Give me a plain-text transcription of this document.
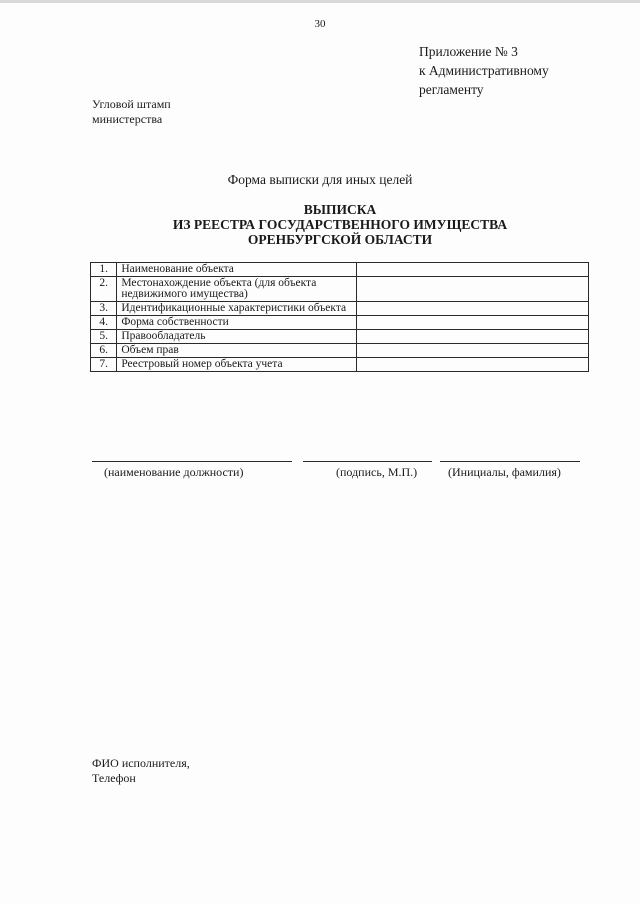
30
Приложение № 3
к Административному
регламенту
Угловой штамп
министерства
Форма выписки для иных целей
ВЫПИСКА
ИЗ РЕЕСТРА ГОСУДАРСТВЕННОГО ИМУЩЕСТВА
ОРЕНБУРГСКОЙ ОБЛАСТИ
1.	Наименование объекта	
2.	Местонахождение объекта (для объекта недвижимого имущества)	
3.	Идентификационные характеристики объекта	
4.	Форма собственности	
5.	Правообладатель	
6.	Объем прав	
7.	Реестровый номер объекта учета	
(наименование должности)	(подпись, М.П.)	(Инициалы, фамилия)
ФИО исполнителя,
Телефон
